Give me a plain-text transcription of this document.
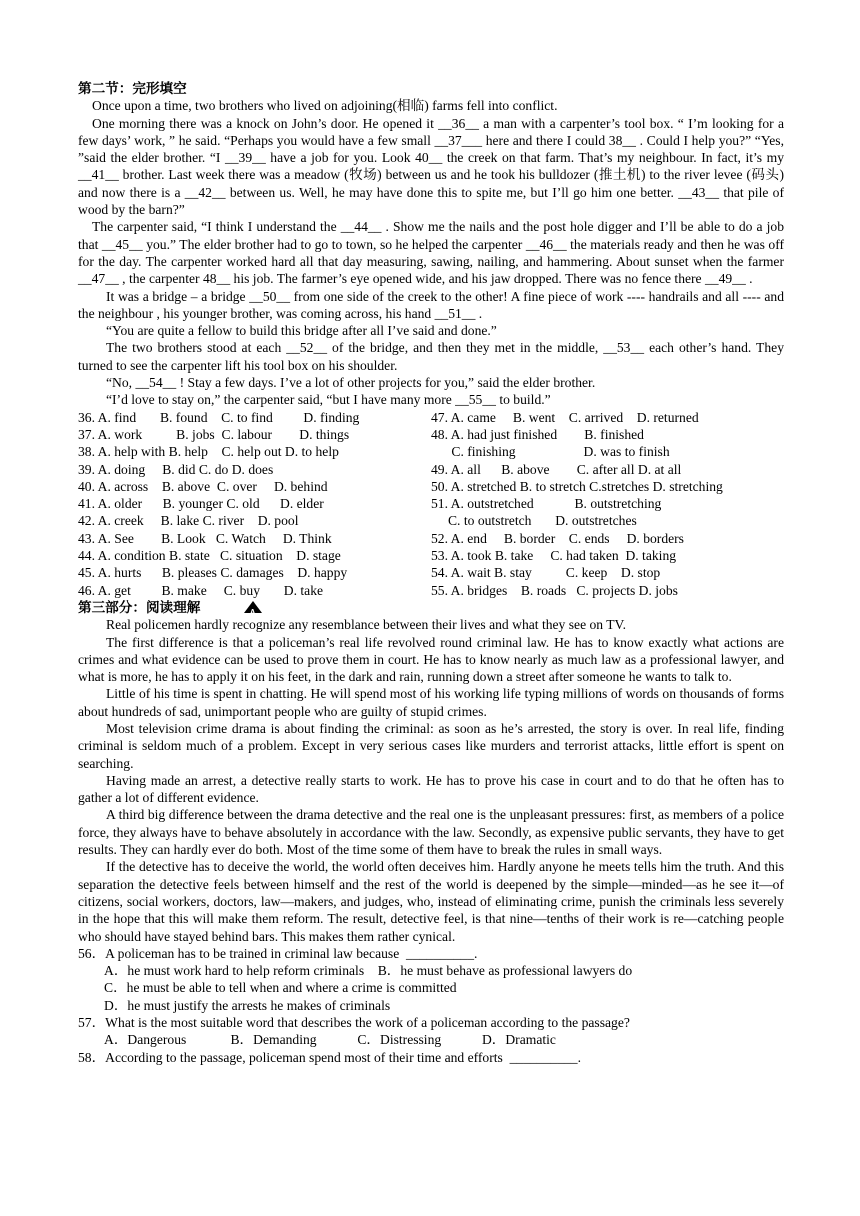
第二节：完形填空

Once upon a time, two brothers who lived on adjoining(相临) farms fell into conflict.

One morning there was a knock on John’s door. He opened it __36__ a man with a carpenter’s tool box. “ I’m looking for a few days’ work, ” he said. “Perhaps you would have a few small __37___ here and there I could 38__ . Could I help you?” “Yes, ”said the elder brother. “I __39__ have a job for you. Look 40__ the creek on that farm. That’s my neighbour. In fact, it’s my __41__ brother. Last week there was a meadow (牧场) between us and he took his bulldozer (推土机) to the river levee (码头) and now there is a __42__ between us. Well, he may have done this to spite me, but I’ll go him one better. __43__ that pile of wood by the barn?”

The carpenter said, “I think I understand the __44__ . Show me the nails and the post hole digger and I’ll be able to do a job that __45__ you.” The elder brother had to go to town, so he helped the carpenter __46__ the materials ready and then he was off for the day. The carpenter worked hard all that day measuring, sawing, nailing, and hammering. About sunset when the farmer __47__ , the carpenter 48__ his job. The farmer’s eye opened wide, and his jaw dropped. There was no fence there __49__ .

It was a bridge – a bridge __50__ from one side of the creek to the other! A fine piece of work ---- handrails and all ---- and the neighbour , his younger brother, was coming across, his hand __51__ .

“You are quite a fellow to build this bridge after all I’ve said and done.”

The two brothers stood at each __52__ of the bridge, and then they met in the middle, __53__ each other’s hand. They turned to see the carpenter lift his tool box on his shoulder.

“No, __54__ ! Stay a few days. I’ve a lot of other projects for you,” said the elder brother.

“I’d love to stay on,” the carpenter said, “but I have many more __55__ to build.”

36. A. find       B. found    C. to find         D. finding
37. A. work          B. jobs  C. labour        D. things
38. A. help with B. help    C. help out D. to help
39. A. doing     B. did C. do D. does
40. A. across    B. above  C. over     D. behind
41. A. older      B. younger C. old      D. elder
42. A. creek     B. lake C. river    D. pool
43. A. See        B. Look   C. Watch     D. Think
44. A. condition B. state   C. situation    D. stage
45. A. hurts      B. pleases C. damages    D. happy
46. A. get         B. make     C. buy       D. take
47. A. came     B. went    C. arrived    D. returned
48. A. had just finished        B. finished
C. finishing                    D. was to finish
49. A. all      B. above        C. after all D. at all
50. A. stretched B. to stretch C.stretches D. stretching
51. A. outstretched            B. outstretching
C. to outstretch       D. outstretches
52. A. end     B. border    C. ends     D. borders
53. A. took B. take     C. had taken  D. taking
54. A. wait B. stay          C. keep    D. stop
55. A. bridges    B. roads   C. projects D. jobs
第三部分：阅读理解	A

Real policemen hardly recognize any resemblance between their lives and what they see on TV.

The first difference is that a policeman’s real life revolved round criminal law. He has to know exactly what actions are crimes and what evidence can be used to prove them in court. He has to know nearly as much law as a professional lawyer, and what is more, he has to apply it on his feet, in the dark and rain, running down a street after someone he wants to talk to.

Little of his time is spent in chatting. He will spend most of his working life typing millions of words on thousands of forms about hundreds of sad, unimportant people who are guilty of stupid crimes.

Most television crime drama is about finding the criminal: as soon as he’s arrested, the story is over. In real life, finding criminal is seldom much of a problem. Except in very serious cases like murders and terrorist attacks, little effort is spent on searching.

Having made an arrest, a detective really starts to work. He has to prove his case in court and to do that he often has to gather a lot of different evidence.

A third big difference between the drama detective and the real one is the unpleasant pressures: first, as members of a police force, they always have to behave absolutely in accordance with the law. Secondly, as expensive public servants, they have to get results. They can hardly ever do both. Most of the time some of them have to break the rules in small ways.

If the detective has to deceive the world, the world often deceives him. Hardly anyone he meets tells him the truth. And this separation the detective feels between himself and the rest of the world is deepened by the simple—minded—as he see it—of citizens, social workers, doctors, law—makers, and judges, who, instead of eliminating crime, punish the criminals less severely in the hope that this will make them reform. The result, detective feel, is that nine—tenths of their work is re—catching people who should have stayed behind bars. This makes them rather cynical.

56．A policeman has to be trained in criminal law because  __________.
A．he must work hard to help reform criminals    B．he must behave as professional lawyers do
C．he must be able to tell when and where a crime is committed
D．he must justify the arrests he makes of criminals
57．What is the most suitable word that describes the work of a policeman according to the passage?
A．Dangerous             B．Demanding            C．Distressing            D．Dramatic
58．According to the passage, policeman spend most of their time and efforts  __________.
